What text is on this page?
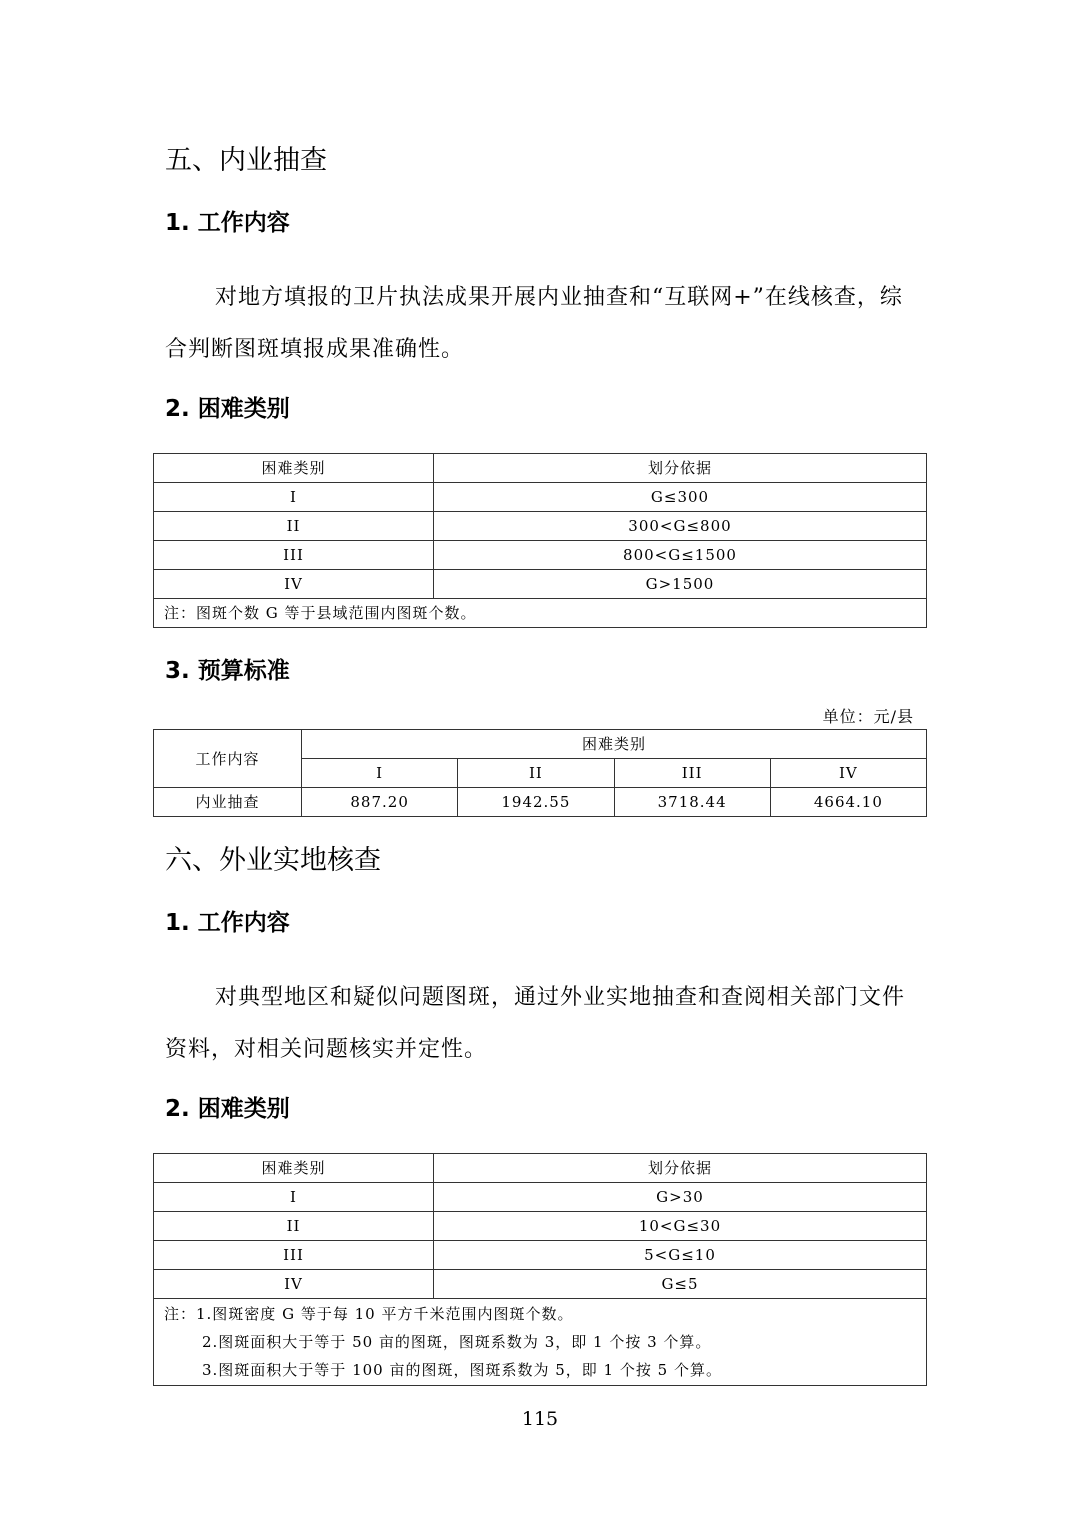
五、内业抽查
1. 工作内容

对地方填报的卫片执法成果开展内业抽查和“互联网+”在线核查，综合判断图斑填报成果准确性。

2. 困难类别
困难类别	划分依据
I	G≤300
II	300<G≤800
III	800<G≤1500
IV	G>1500
注：图斑个数 G 等于县域范围内图斑个数。	
3. 预算标准
单位：元/县
工作内容	困难类别			
	I	II	III	IV
内业抽查	887.20	1942.55	3718.44	4664.10
六、外业实地核查
1. 工作内容

对典型地区和疑似问题图斑，通过外业实地抽查和查阅相关部门文件资料，对相关问题核实并定性。

2. 困难类别
困难类别	划分依据
I	G>30
II	10<G≤30
III	5<G≤10
IV	G≤5

注：1.图斑密度 G 等于每 10 平方千米范围内图斑个数。
2.图斑面积大于等于 50 亩的图斑，图斑系数为 3，即 1 个按 3 个算。
3.图斑面积大于等于 100 亩的图斑，图斑系数为 5，即 1 个按 5 个算。	
115
